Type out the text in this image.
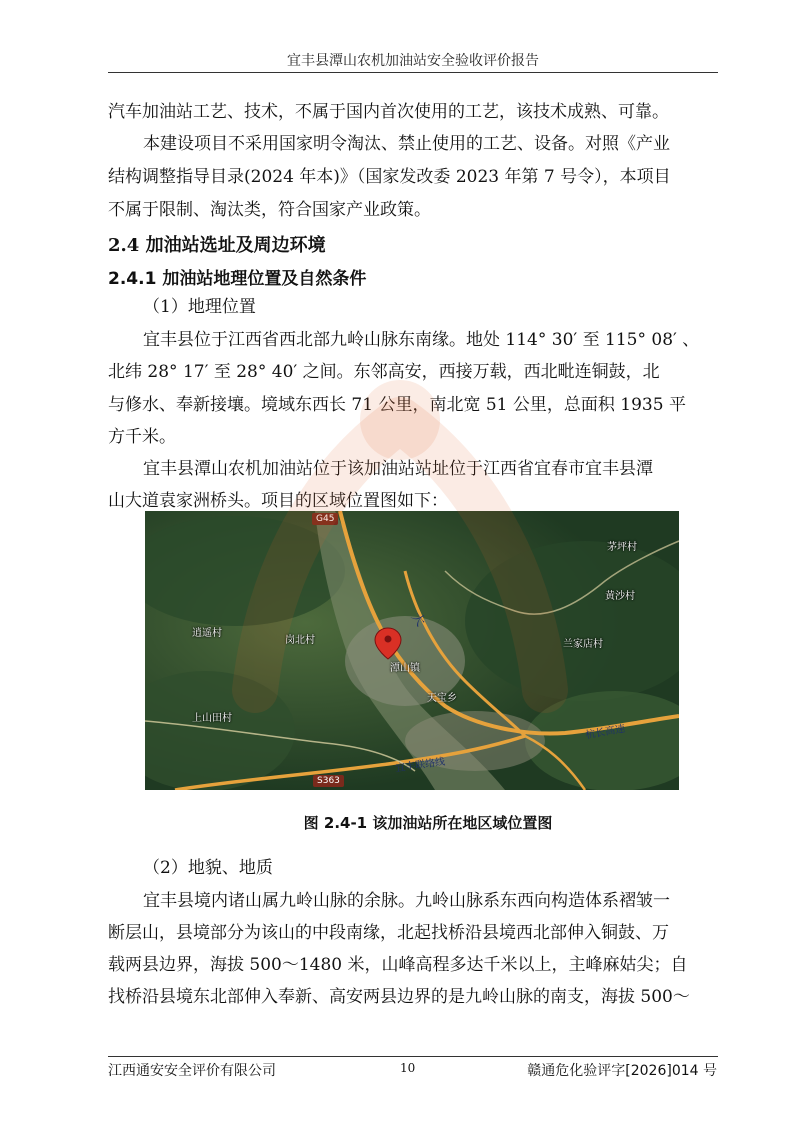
宜丰县潭山农机加油站安全验收评价报告
汽车加油站工艺、技术，不属于国内首次使用的工艺，该技术成熟、可靠。
本建设项目不采用国家明令淘汰、禁止使用的工艺、设备。对照《产业
结构调整指导目录(2024 年本)》（国家发改委 2023 年第 7 号令），本项目
不属于限制、淘汰类，符合国家产业政策。
2.4 加油站选址及周边环境
2.4.1 加油站地理位置及自然条件
（1）地理位置
宜丰县位于江西省西北部九岭山脉东南缘。地处 114° 30′ 至 115° 08′ 、
北纬 28° 17′ 至 28° 40′ 之间。东邻高安，西接万载，西北毗连铜鼓，北
与修水、奉新接壤。境域东西长 71 公里，南北宽 51 公里，总面积 1935 平
方千米。
宜丰县潭山农机加油站位于该加油站站址位于江西省宜春市宜丰县潭
山大道袁家洲桥头。项目的区域位置图如下：
G45
茅坪村
黄沙村
逍遥村
岗北村	兰家店村
潭山镇
天宝乡
上山田村
大
杭长高速
宜丰联络线
S363
图 2.4-1 该加油站所在地区域位置图
（2）地貌、地质
宜丰县境内诸山属九岭山脉的余脉。九岭山脉系东西向构造体系褶皱一
断层山，县境部分为该山的中段南缘，北起找桥沿县境西北部伸入铜鼓、万
载两县边界，海拔 500～1480 米，山峰高程多达千米以上，主峰麻姑尖；自
找桥沿县境东北部伸入奉新、高安两县边界的是九岭山脉的南支，海拔 500～
江西通安安全评价有限公司	10	赣通危化验评字[2026]014 号
